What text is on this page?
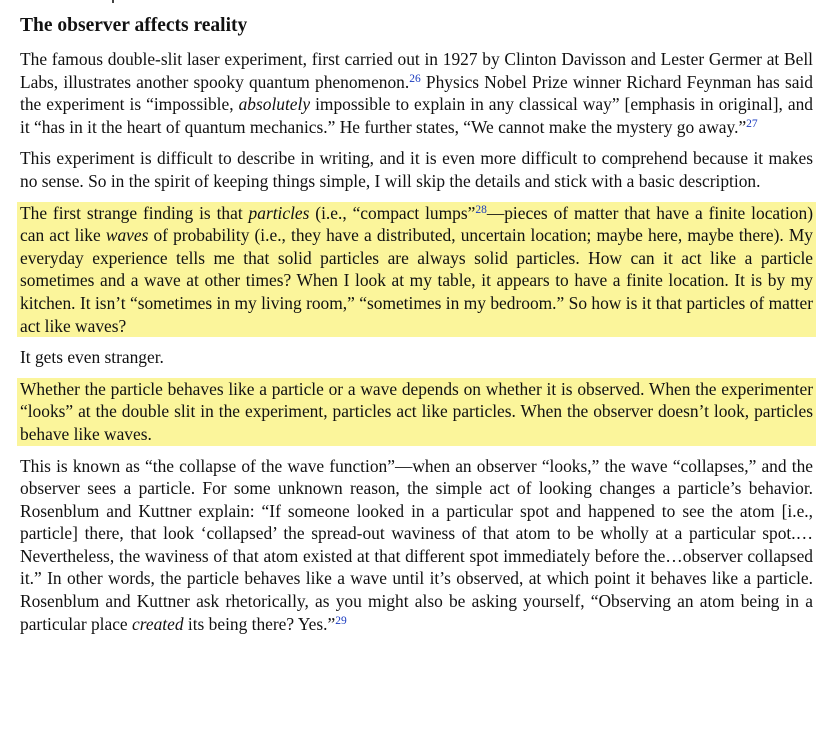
The observer affects reality

The famous double-slit laser experiment, first carried out in 1927 by Clinton Davisson and Lester Germer at Bell Labs, illustrates another spooky quantum phenomenon.$^{26}$ Physics Nobel Prize winner Richard Feynman has said the experiment is “impossible, absolutely impossible to explain in any classical way” [emphasis in original], and it “has in it the heart of quantum mechanics.” He further states, “We cannot make the mystery go away.”$^{27}$

This experiment is difficult to describe in writing, and it is even more difficult to comprehend because it makes no sense. So in the spirit of keeping things simple, I will skip the details and stick with a basic description.

The first strange finding is that particles (i.e., “compact lumps”$^{28}$—pieces of matter that have a finite location) can act like waves of probability (i.e., they have a distributed, uncertain location; maybe here, maybe there). My everyday experience tells me that solid particles are always solid particles. How can it act like a particle sometimes and a wave at other times? When I look at my table, it appears to have a finite location. It is by my kitchen. It isn’t “sometimes in my living room,” “sometimes in my bedroom.” So how is it that particles of matter act like waves?

It gets even stranger.

Whether the particle behaves like a particle or a wave depends on whether it is observed. When the experimenter “looks” at the double slit in the experiment, particles act like particles. When the observer doesn’t look, particles behave like waves.

This is known as “the collapse of the wave function”—when an observer “looks,” the wave “collapses,” and the observer sees a particle. For some unknown reason, the simple act of looking changes a particle’s behavior. Rosenblum and Kuttner explain: “If someone looked in a particular spot and happened to see the atom [i.e., particle] there, that look ‘collapsed’ the spread-out waviness of that atom to be wholly at a particular spot.… Nevertheless, the waviness of that atom existed at that different spot immediately before the…observer collapsed it.” In other words, the particle behaves like a wave until it’s observed, at which point it behaves like a particle. Rosenblum and Kuttner ask rhetorically, as you might also be asking yourself, “Observing an atom being in a particular place created its being there? Yes.”$^{29}$
